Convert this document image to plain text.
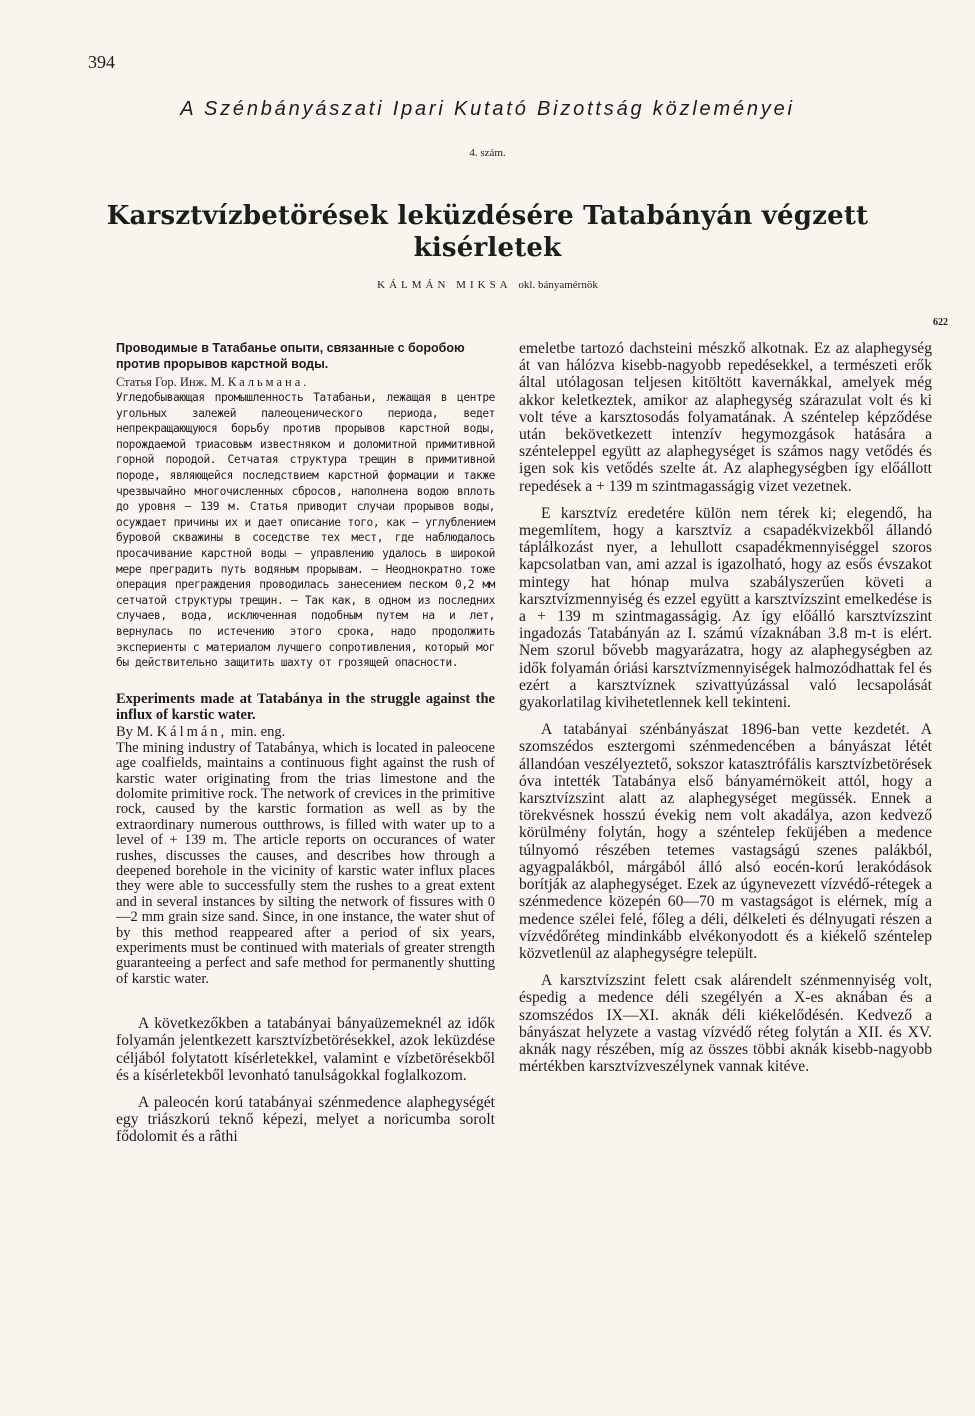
394
A Szénbányászati Ipari Kutató Bizottság közleményei
4. szám.
Karsztvízbetörések leküzdésére Tatabányán végzett kisérletek
KÁLMÁN MIKSA okl. bányamérnök
622

Проводимые в Татабанье опыти, связанные с боробою против прорывов карстной воды.

Статья Гор. Инж. М. Кальмана.

Угледобывающая промышленность Татабаньи, лежащая в центре угольных залежей палеоценического периода, ведет непрекращающуюся борьбу против прорывов карстной воды, порождаемой триасовым известняком и доломитной примитивной горной породой. Сетчатая структура трещин в примитивной породе, являющейся последствием карстной формации и также чрезвычайно многочисленных сбросов, наполнена водою вплоть до уровня — 139 м. Статья приводит случаи прорывов воды, осуждает причины их и дает описание того, как — углублением буровой скважины в соседстве тех мест, где наблюдалось просачивание карстной воды — управлению удалось в широкой мере преградить путь водяным прорывам. — Неоднократно тоже операция преграждения проводилась занесением песком 0,2 мм сетчатой структуры трещин. — Так как, в одном из последних случаев, вода, исключенная подобным путем на и лет, вернулась по истечению этого срока, надо продолжить экспериенты с материалом лучшего сопротивления, который мог бы действительно защитить шахту от грозящей опасности.

Experiments made at Tatabánya in the struggle against the influx of karstic water.

By M. Kálmán, min. eng.

The mining industry of Tatabánya, which is located in paleocene age coalfields, maintains a continuous fight against the rush of karstic water originating from the trias limestone and the dolomite primitive rock. The network of crevices in the primitive rock, caused by the karstic formation as well as by the extraordinary numerous outthrows, is filled with water up to a level of + 139 m. The article reports on occurances of water rushes, discusses the causes, and describes how through a deepened borehole in the vicinity of karstic water influx places they were able to successfully stem the rushes to a great extent and in several instances by silting the network of fissures with 0—2 mm grain size sand. Since, in one instance, the water shut of by this method reappeared after a period of six years, experiments must be continued with materials of greater strength guaranteeing a perfect and safe method for permanently shutting of karstic water.

A következőkben a tatabányai bányaüzemeknél az idők folyamán jelentkezett karsztvízbetörésekkel, azok leküzdése céljából folytatott kísérletekkel, valamint e vízbetörésekből és a kísérletekből levonható tanulságokkal foglalkozom.

A paleocén korú tatabányai szénmedence alaphegységét egy triászkorú teknő képezi, melyet a noricumba sorolt fődolomit és a râthi

emeletbe tartozó dachsteini mészkő alkotnak. Ez az alaphegység át van hálózva kisebb-nagyobb repedésekkel, a természeti erők által utólagosan teljesen kitöltött kavernákkal, amelyek még akkor keletkeztek, amikor az alaphegység szárazulat volt és ki volt téve a karsztosodás folyamatának. A széntelep képződése után bekövetkezett intenzív hegymozgások hatására a szénteleppel együtt az alaphegységet is számos nagy vetődés és igen sok kis vetődés szelte át. Az alaphegységben így előállott repedések a + 139 m szintmagasságig vizet vezetnek.

E karsztvíz eredetére külön nem térek ki; elegendő, ha megemlítem, hogy a karsztvíz a csapadékvizekből állandó táplálkozást nyer, a lehullott csapadékmennyiséggel szoros kapcsolatban van, ami azzal is igazolható, hogy az esős évszakot mintegy hat hónap mulva szabályszerűen követi a karsztvízmennyiség és ezzel együtt a karsztvízszint emelkedése is a + 139 m szintmagasságig. Az így előálló karsztvízszint ingadozás Tatabányán az I. számú vízaknában 3.8 m-t is elért. Nem szorul bővebb magyarázatra, hogy az alaphegységben az idők folyamán óriási karsztvízmennyiségek halmozódhattak fel és ezért a karsztvíznek szivattyúzással való lecsapolását gyakorlatilag kivihetetlennek kell tekinteni.

A tatabányai szénbányászat 1896-ban vette kezdetét. A szomszédos esztergomi szénmedencében a bányászat létét állandóan veszélyeztető, sokszor katasztrófális karsztvízbetörések óva intették Tatabánya első bányamérnökeit attól, hogy a karsztvízszint alatt az alaphegységet megüssék. Ennek a törekvésnek hosszú évekig nem volt akadálya, azon kedvező körülmény folytán, hogy a széntelep feküjében a medence túlnyomó részében tetemes vastagságú szenes palákból, agyagpalákból, márgából álló alsó eocén-korú lerakódások borítják az alaphegységet. Ezek az úgynevezett vízvédő-rétegek a szénmedence közepén 60—70 m vastagságot is elérnek, míg a medence szélei felé, főleg a déli, délkeleti és délnyugati részen a vízvédőréteg mindinkább elvékonyodott és a kiékelő széntelep közvetlenül az alaphegységre települt.

A karsztvízszint felett csak alárendelt szénmennyiség volt, éspedig a medence déli szegélyén a X-es aknában és a szomszédos IX—XI. aknák déli kiékelődésén. Kedvező a bányászat helyzete a vastag vízvédő réteg folytán a XII. és XV. aknák nagy részében, míg az összes többi aknák kisebb-nagyobb mértékben karsztvízveszélynek vannak kitéve.
